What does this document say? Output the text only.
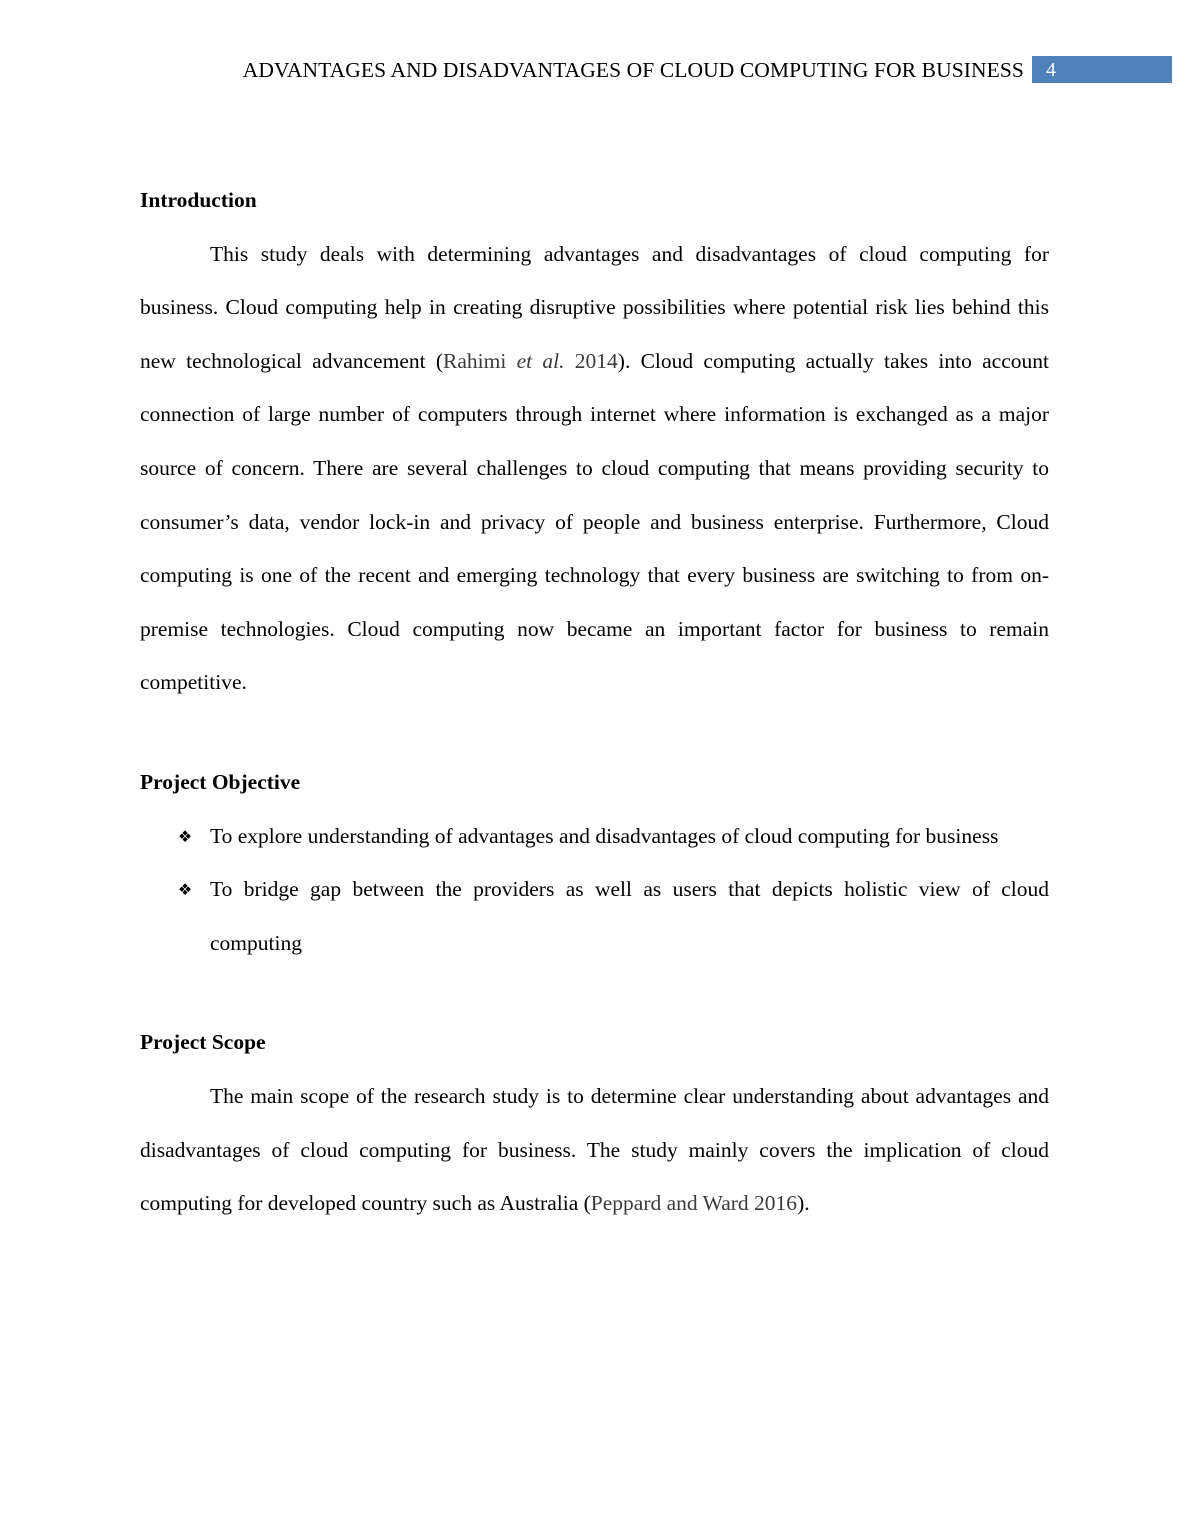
ADVANTAGES AND DISADVANTAGES OF CLOUD COMPUTING FOR BUSINESS 4
Introduction

This study deals with determining advantages and disadvantages of cloud computing for business. Cloud computing help in creating disruptive possibilities where potential risk lies behind this new technological advancement (Rahimi et al. 2014). Cloud computing actually takes into account connection of large number of computers through internet where information is exchanged as a major source of concern. There are several challenges to cloud computing that means providing security to consumer’s data, vendor lock-in and privacy of people and business enterprise. Furthermore, Cloud computing is one of the recent and emerging technology that every business are switching to from on-premise technologies. Cloud computing now became an important factor for business to remain competitive.

Project Objective
❖ To explore understanding of advantages and disadvantages of cloud computing for business
❖ To bridge gap between the providers as well as users that depicts holistic view of cloud computing
Project Scope

The main scope of the research study is to determine clear understanding about advantages and disadvantages of cloud computing for business. The study mainly covers the implication of cloud computing for developed country such as Australia (Peppard and Ward 2016).
